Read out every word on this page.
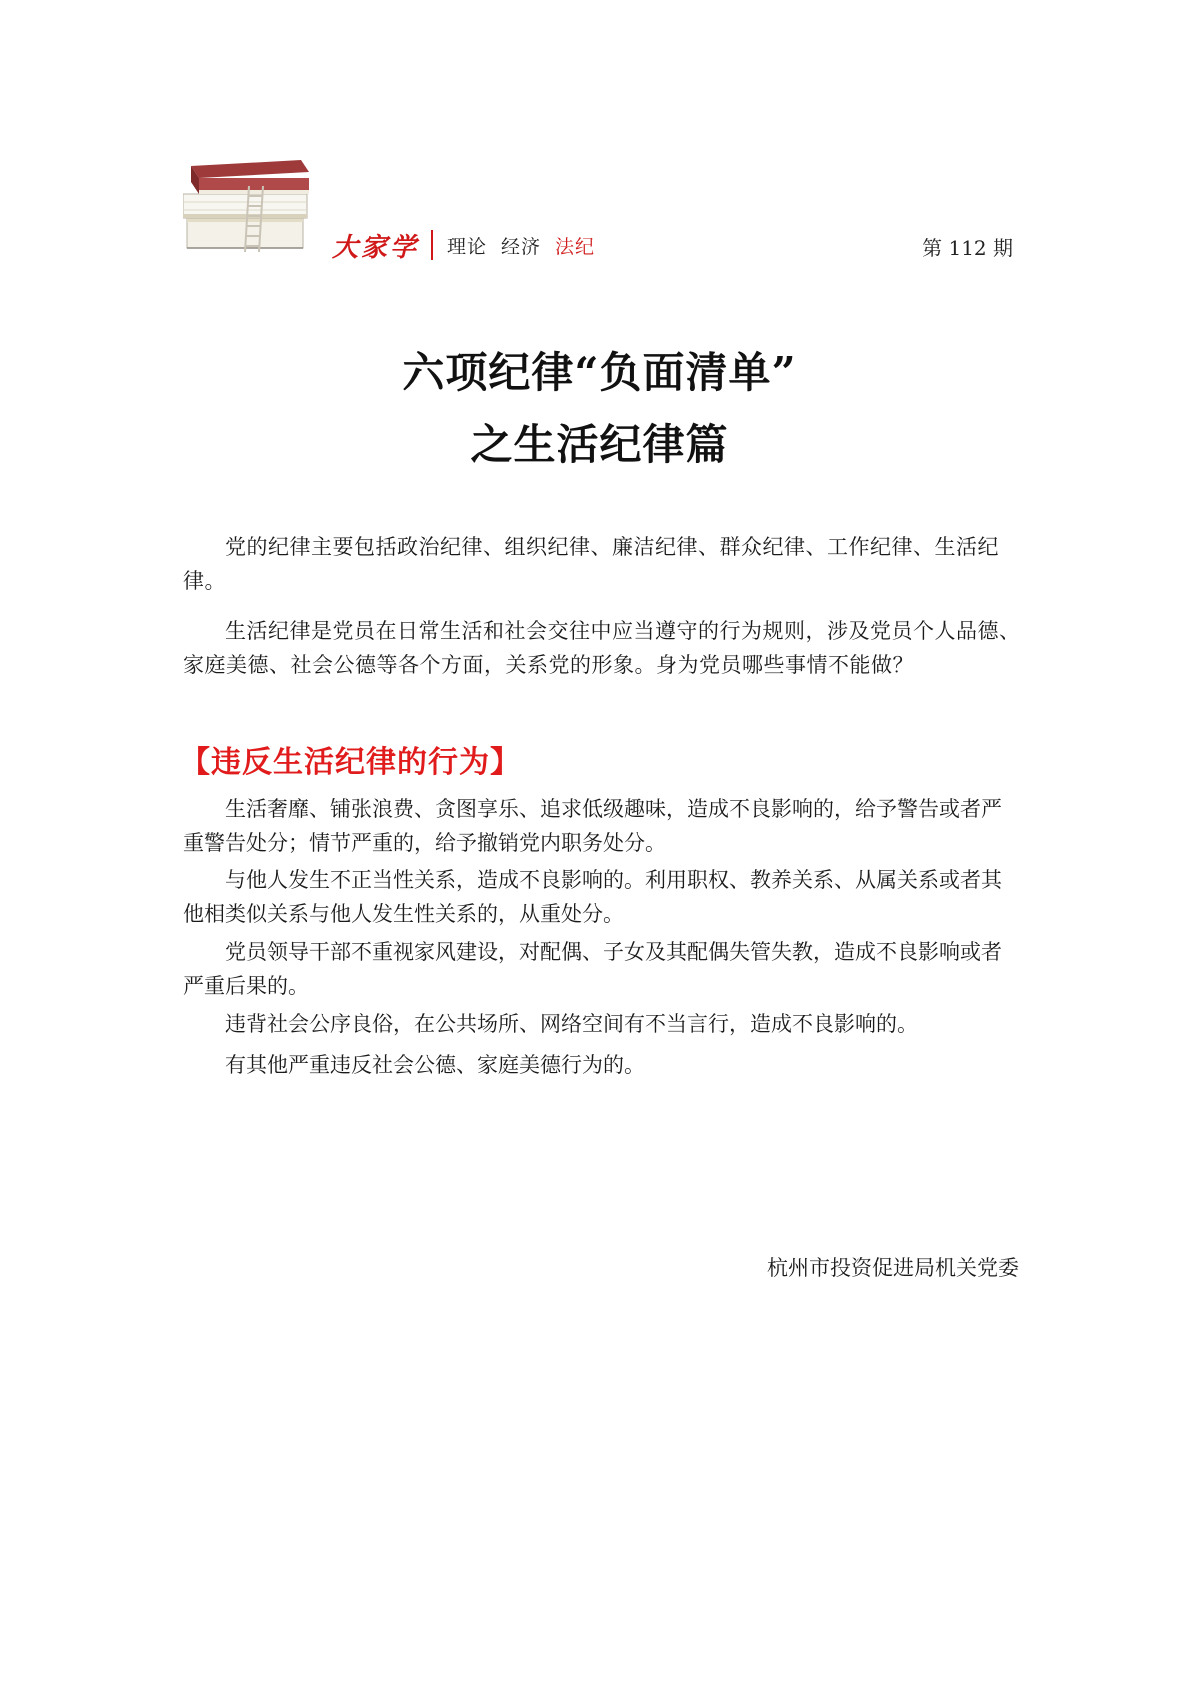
大家学 理论 经济 法纪	第 112 期
六项纪律“负面清单”
之生活纪律篇

党的纪律主要包括政治纪律、组织纪律、廉洁纪律、群众纪律、工作纪律、生活纪律。

生活纪律是党员在日常生活和社会交往中应当遵守的行为规则，涉及党员个人品德、家庭美德、社会公德等各个方面，关系党的形象。身为党员哪些事情不能做？

【违反生活纪律的行为】

生活奢靡、铺张浪费、贪图享乐、追求低级趣味，造成不良影响的，给予警告或者严重警告处分；情节严重的，给予撤销党内职务处分。

与他人发生不正当性关系，造成不良影响的。利用职权、教养关系、从属关系或者其他相类似关系与他人发生性关系的，从重处分。

党员领导干部不重视家风建设，对配偶、子女及其配偶失管失教，造成不良影响或者严重后果的。

违背社会公序良俗，在公共场所、网络空间有不当言行，造成不良影响的。

有其他严重违反社会公德、家庭美德行为的。

杭州市投资促进局机关党委
